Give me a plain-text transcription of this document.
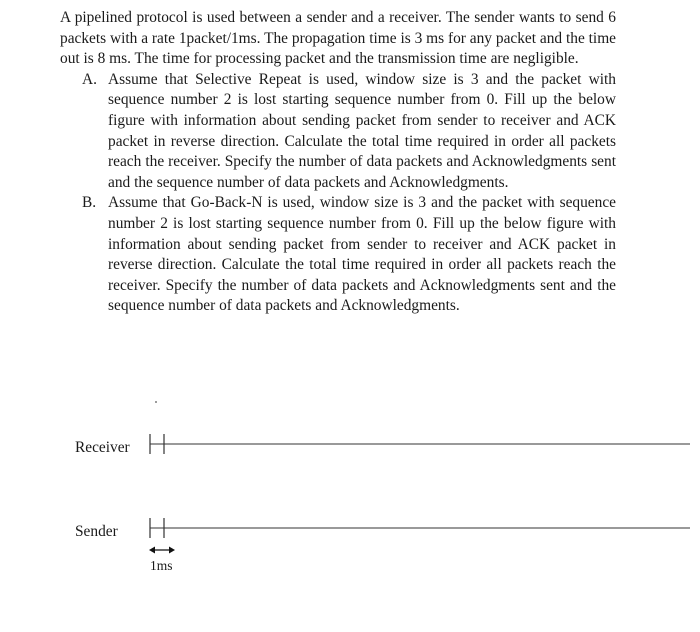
A pipelined protocol is used between a sender and a receiver. The sender wants to send 6 packets with a rate 1packet/1ms. The propagation time is 3 ms for any packet and the time out is 8 ms. The time for processing packet and the transmission time are negligible.

A. Assume that Selective Repeat is used, window size is 3 and the packet with sequence number 2 is lost starting sequence number from 0. Fill up the below figure with information about sending packet from sender to receiver and ACK packet in reverse direction. Calculate the total time required in order all packets reach the receiver. Specify the number of data packets and Acknowledgments sent and the sequence number of data packets and Acknowledgments.
B. Assume that Go-Back-N is used, window size is 3 and the packet with sequence number 2 is lost starting sequence number from 0. Fill up the below figure with information about sending packet from sender to receiver and ACK packet in reverse direction. Calculate the total time required in order all packets reach the receiver. Specify the number of data packets and Acknowledgments sent and the sequence number of data packets and Acknowledgments.
Receiver
Sender
1ms
